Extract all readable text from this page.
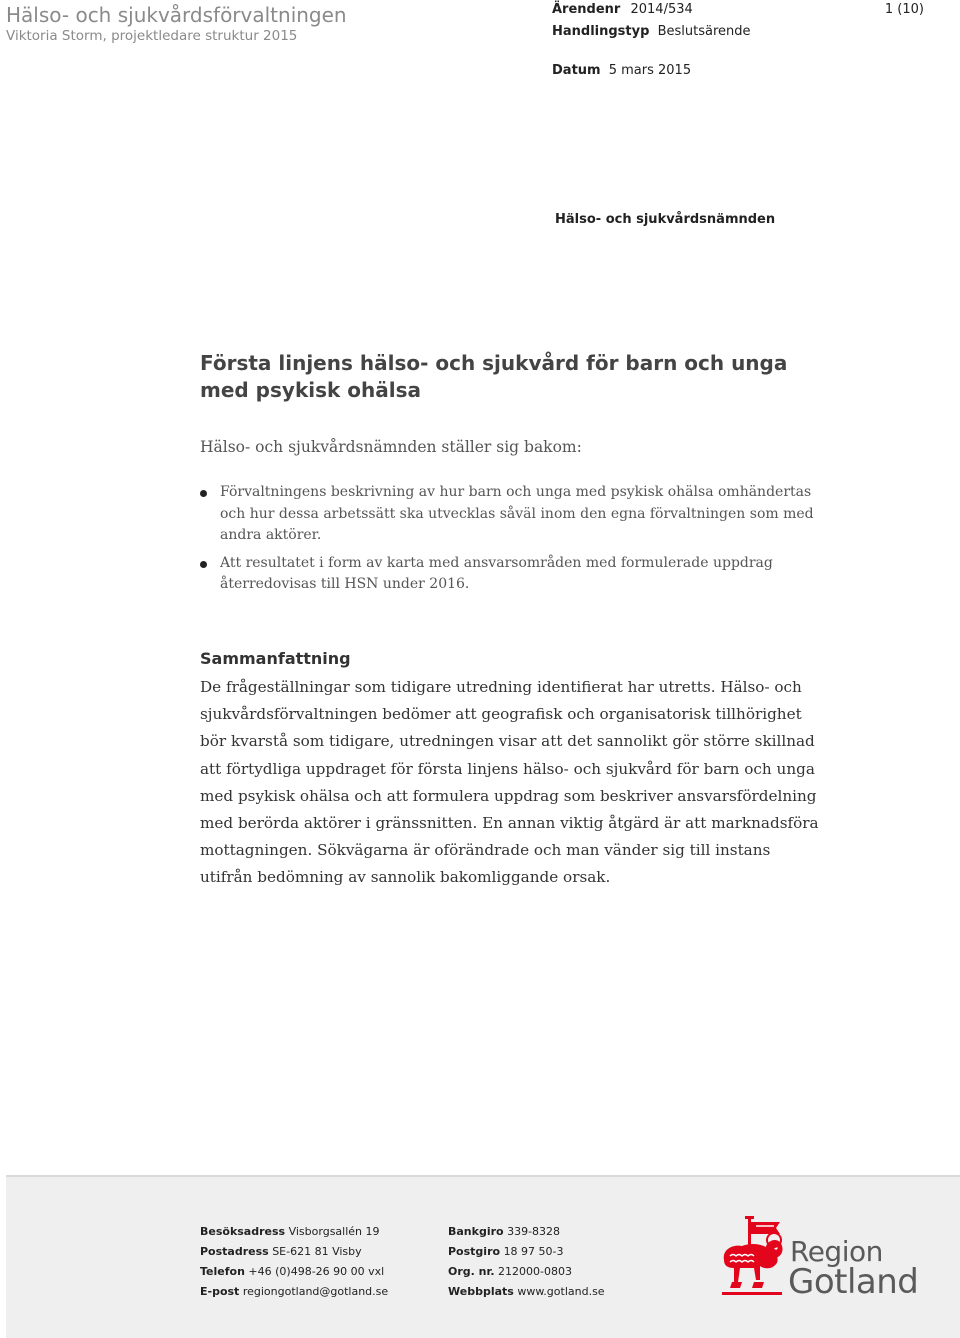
Hälso- och sjukvårdsförvaltningen
Viktoria Storm, projektledare struktur 2015
Ärendenr 2014/534
Handlingstyp Beslutsärende
Datum 5 mars 2015
1 (10)
Hälso- och sjukvårdsnämnden
Första linjens hälso- och sjukvård för barn och unga
med psykisk ohälsa
Hälso- och sjukvårdsnämnden ställer sig bakom:
Förvaltningens beskrivning av hur barn och unga med psykisk ohälsa omhändertas och hur dessa arbetssätt ska utvecklas såväl inom den egna förvaltningen som med andra aktörer.
Att resultatet i form av karta med ansvarsområden med formulerade uppdrag återredovisas till HSN under 2016.
Sammanfattning

De frågeställningar som tidigare utredning identifierat har utretts. Hälso- och sjukvårdsförvaltningen bedömer att geografisk och organisatorisk tillhörighet bör kvarstå som tidigare, utredningen visar att det sannolikt gör större skillnad att förtydliga uppdraget för första linjens hälso- och sjukvård för barn och unga med psykisk ohälsa och att formulera uppdrag som beskriver ansvarsfördelning med berörda aktörer i gränssnitten. En annan viktig åtgärd är att marknadsföra mottagningen. Sökvägarna är oförändrade och man vänder sig till instans utifrån bedömning av sannolik bakomliggande orsak.

Besöksadress Visborgsallén 19
Postadress SE-621 81 Visby
Telefon +46 (0)498-26 90 00 vxl
E-post regiongotland@gotland.se
Bankgiro 339-8328
Postgiro 18 97 50-3
Org. nr. 212000-0803
Webbplats www.gotland.se
Region
Gotland
